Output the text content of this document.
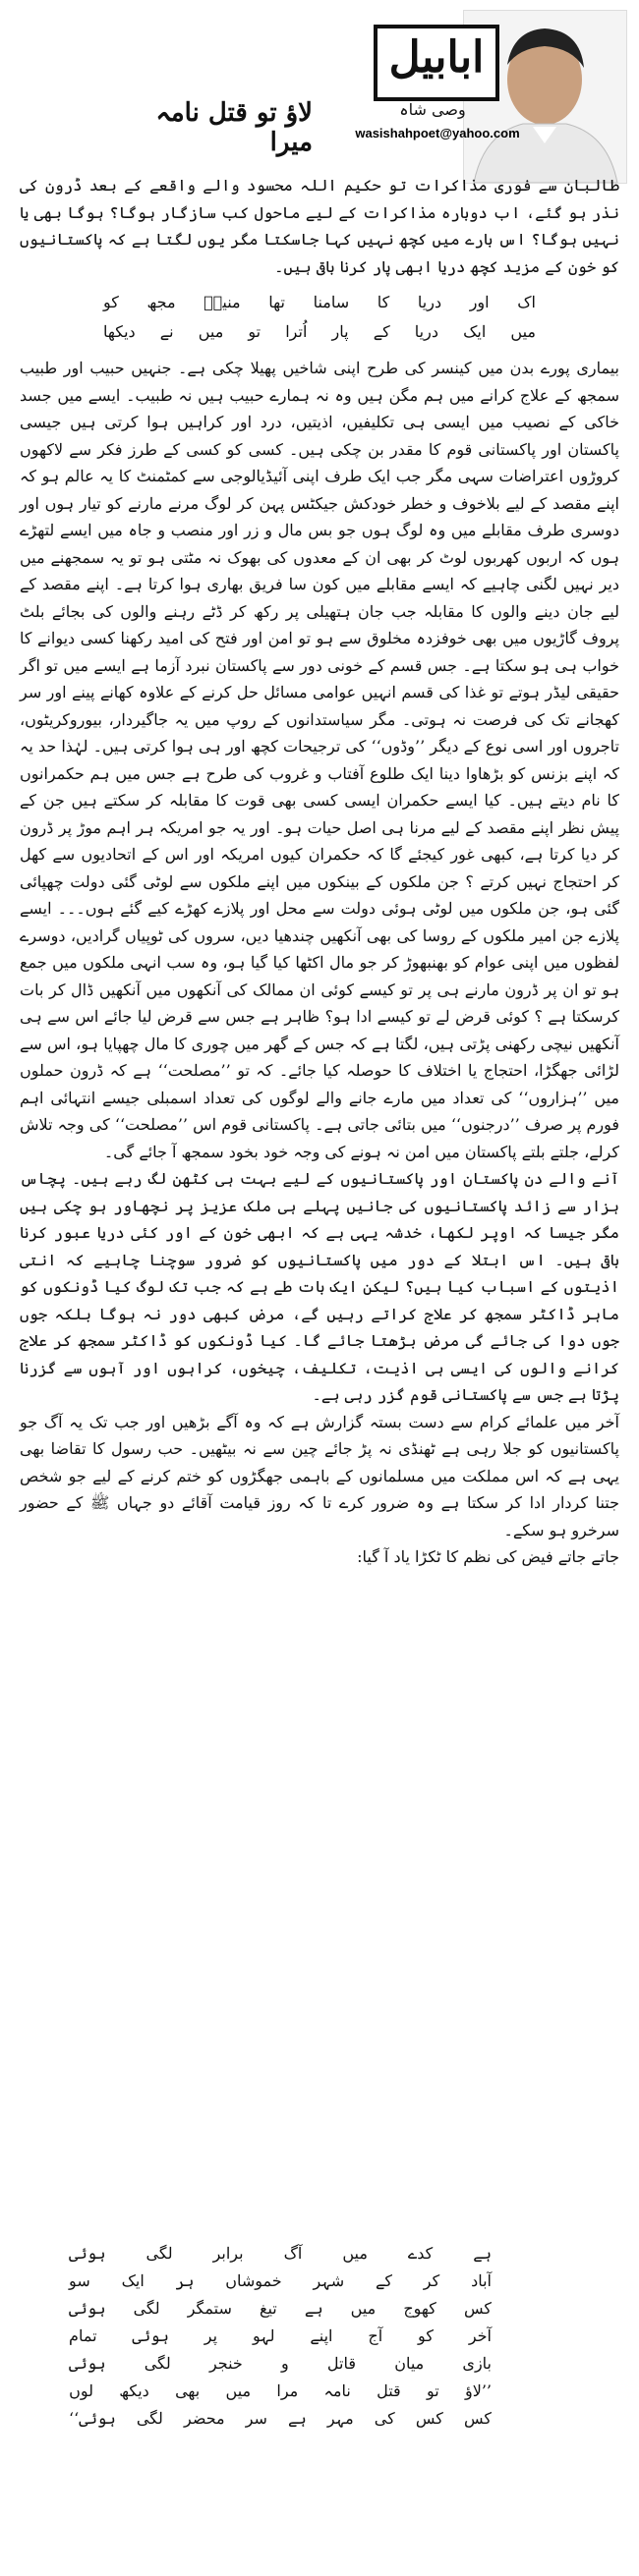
ابابیل
وصی شاہ
wasishahpoet@yahoo.com
لاؤ تو قتل نامہ میرا

طالبان سے فوری مذاکرات تو حکیم اللہ محسود والے واقعے کے بعد ڈرون کی نذر ہو گئے، اب دوبارہ مذاکرات کے لیے ماحول کب سازگار ہوگا؟ ہوگا بھی یا نہیں ہوگا؟ اس بارے میں کچھ نہیں کہا جاسکتا مگر یوں لگتا ہے کہ پاکستانیوں کو خون کے مزید کچھ دریا ابھی پار کرنا باقی ہیں۔

اک
اور
دریا
کا
سامنا
تھا
منیرؔ
مجھ
کو
میں
ایک
دریا
کے
پار
اُترا
تو
میں
نے
دیکھا

بیماری پورے بدن میں کینسر کی طرح اپنی شاخیں پھیلا چکی ہے۔ جنہیں حبیب اور طبیب سمجھ کے علاج کرانے میں ہم مگن ہیں وہ نہ ہمارے حبیب ہیں نہ طبیب۔ ایسے میں جسد خاکی کے نصیب میں ایسی ہی تکلیفیں، اذیتیں، درد اور کراہیں ہوا کرتی ہیں جیسی پاکستان اور پاکستانی قوم کا مقدر بن چکی ہیں۔ کسی کو کسی کے طرز فکر سے لاکھوں کروڑوں اعتراضات سہی مگر جب ایک طرف اپنی آئیڈیالوجی سے کمٹمنٹ کا یہ عالم ہو کہ اپنے مقصد کے لیے بلاخوف و خطر خودکش جیکٹس پہن کر لوگ مرنے مارنے کو تیار ہوں اور دوسری طرف مقابلے میں وہ لوگ ہوں جو بس مال و زر اور منصب و جاہ میں ایسے لتھڑے ہوں کہ اربوں کھربوں لوٹ کر بھی ان کے معدوں کی بھوک نہ مٹتی ہو تو یہ سمجھنے میں دیر نہیں لگنی چاہیے کہ ایسے مقابلے میں کون سا فریق بھاری ہوا کرتا ہے۔ اپنے مقصد کے لیے جان دینے والوں کا مقابلہ جب جان ہتھیلی پر رکھ کر ڈٹے رہنے والوں کی بجائے بلٹ پروف گاڑیوں میں بھی خوفزدہ مخلوق سے ہو تو امن اور فتح کی امید رکھنا کسی دیوانے کا خواب ہی ہو سکتا ہے۔ جس قسم کے خونی دور سے پاکستان نبرد آزما ہے ایسے میں تو اگر حقیقی لیڈر ہوتے تو غذا کی قسم انہیں عوامی مسائل حل کرنے کے علاوہ کھانے پینے اور سر کھجانے تک کی فرصت نہ ہوتی۔ مگر سیاستدانوں کے روپ میں یہ جاگیردار، بیوروکریٹوں، تاجروں اور اسی نوع کے دیگر ’’وڈوں‘‘ کی ترجیحات کچھ اور ہی ہوا کرتی ہیں۔ لہٰذا حد یہ کہ اپنے بزنس کو بڑھاوا دینا ایک طلوع آفتاب و غروب کی طرح ہے جس میں ہم حکمرانوں کا نام دیتے ہیں۔ کیا ایسے حکمران ایسی کسی بھی قوت کا مقابلہ کر سکتے ہیں جن کے پیش نظر اپنے مقصد کے لیے مرنا ہی اصل حیات ہو۔ اور یہ جو امریکہ ہر اہم موڑ پر ڈرون کر دیا کرتا ہے، کبھی غور کیجئے گا کہ حکمران کیوں امریکہ اور اس کے اتحادیوں سے کھل کر احتجاج نہیں کرتے ؟ جن ملکوں کے بینکوں میں اپنے ملکوں سے لوٹی گئی دولت چھپائی گئی ہو، جن ملکوں میں لوٹی ہوئی دولت سے محل اور پلازے کھڑے کیے گئے ہوں۔۔۔ ایسے پلازے جن امیر ملکوں کے روسا کی بھی آنکھیں چندھیا دیں، سروں کی ٹوپیاں گرادیں، دوسرے لفظوں میں اپنی عوام کو بھنبھوڑ کر جو مال اکٹھا کیا گیا ہو، وہ سب انہی ملکوں میں جمع ہو تو ان پر ڈرون مارنے ہی پر تو کیسے کوئی ان ممالک کی آنکھوں میں آنکھیں ڈال کر بات کرسکتا ہے ؟ کوئی قرض لے تو کیسے ادا ہو؟ ظاہر ہے جس سے قرض لیا جائے اس سے ہی آنکھیں نیچی رکھنی پڑتی ہیں، لگتا ہے کہ جس کے گھر میں چوری کا مال چھپایا ہو، اس سے لڑائی جھگڑا، احتجاج یا اختلاف کا حوصلہ کیا جائے۔ کہ تو ’’مصلحت‘‘ ہے کہ ڈرون حملوں میں ’’ہزاروں‘‘ کی تعداد میں مارے جانے والے لوگوں کی تعداد اسمبلی جیسے انتہائی اہم فورم پر صرف ’’درجنوں‘‘ میں بتائی جاتی ہے۔ پاکستانی قوم اس ’’مصلحت‘‘ کی وجہ تلاش کرلے، جلتے بلتے پاکستان میں امن نہ ہونے کی وجہ خود بخود سمجھ آ جائے گی۔

آنے والے دن پاکستان اور پاکستانیوں کے لیے بہت ہی کٹھن لگ رہے ہیں۔ پچاس ہزار سے زائد پاکستانیوں کی جانیں پہلے ہی ملک عزیز پر نچھاور ہو چکی ہیں مگر جیسا کہ اوپر لکھا، خدشہ یہی ہے کہ ابھی خون کے اور کئی دریا عبور کرنا باقی ہیں۔ اس ابتلا کے دور میں پاکستانیوں کو ضرور سوچنا چاہیے کہ انتی اذیتوں کے اسباب کیا ہیں؟ لیکن ایک بات طے ہے کہ جب تک لوگ کیا ڈونکوں کو ماہر ڈاکٹر سمجھ کر علاج کراتے رہیں گے، مرض کبھی دور نہ ہوگا بلکہ جوں جوں دوا کی جائے گی مرض بڑھتا جائے گا۔ کیا ڈونکوں کو ڈاکٹر سمجھ کر علاج کرانے والوں کی ایسی ہی اذیت، تکلیف، چیخوں، کراہوں اور آہوں سے گزرنا پڑتا ہے جس سے پاکستانی قوم گزر رہی ہے۔

آخر میں علمائے کرام سے دست بستہ گزارش ہے کہ وہ آگے بڑھیں اور جب تک یہ آگ جو پاکستانیوں کو جلا رہی ہے ٹھنڈی نہ پڑ جائے چین سے نہ بیٹھیں۔ حب رسول کا تقاضا بھی یہی ہے کہ اس مملکت میں مسلمانوں کے باہمی جھگڑوں کو ختم کرنے کے لیے جو شخص جتنا کردار ادا کر سکتا ہے وہ ضرور کرے تا کہ روز قیامت آقائے دو جہاں ﷺ کے حضور سرخرو ہو سکے۔

جاتے جاتے فیض کی نظم کا ٹکڑا یاد آ گیا:

ہے
کدے
میں
آگ
برابر
لگی
ہوئی
آباد
کر
کے
شہر
خموشاں
ہر
ایک
سو
کس
کھوج
میں
ہے
تیغ
ستمگر
لگی
ہوئی
آخر
کو
آج
اپنے
لہو
پر
ہوئی
تمام
بازی
میان
قاتل
و
خنجر
لگی
ہوئی
’’لاؤ
تو
قتل
نامہ
مرا
میں
بھی
دیکھ
لوں
کس
کس
کی
مہر
ہے
سر
محضر
لگی
ہوئی‘‘
